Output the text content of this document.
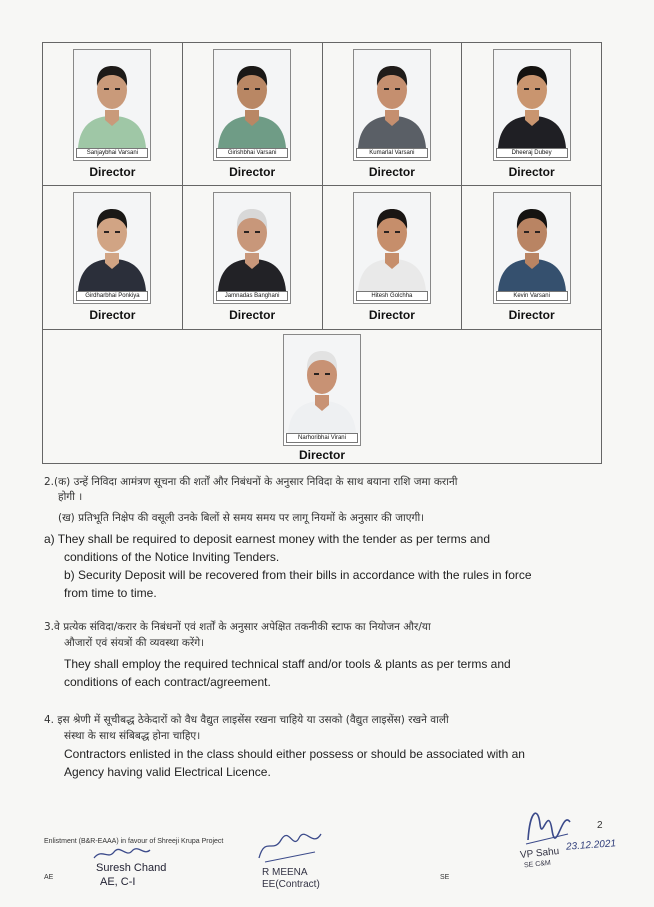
Sanjaybhai Varsani
Director
Girishbhai Varsani
Director
Kumarlal Varsani
Director
Dheeraj Dubey
Director
Girdharbhai Ponkiya
Director
Jamnadas Banghani
Director
Hitesh Golchha
Director
Kevin Varsani
Director
Narhoribhai Virani
Director
2.(क) उन्हें निविदा आमंत्रण सूचना की शर्तों और निबंधनों के अनुसार निविदा के साथ बयाना राशि जमा करानी
होगी ।
(ख) प्रतिभूति निक्षेप की वसूली उनके बिलों से समय समय पर लागू नियमों के अनुसार की जाएगी।
a) They shall be required to deposit earnest money with the tender as per terms and
conditions of the Notice Inviting Tenders.
b) Security Deposit will be recovered from their bills in accordance with the rules in force
from time to time.
3.वे प्रत्येक संविदा/करार के निबंधनों एवं शर्तों के अनुसार अपेक्षित तकनीकी स्टाफ का नियोजन और/या
औजारों एवं संयत्रों की व्यवस्था करेंगे।
They shall employ the required technical staff and/or tools & plants as per terms and
conditions of each contract/agreement.
4. इस श्रेणी में सूचीबद्ध ठेकेदारों को वैध वैद्युत लाइसेंस रखना चाहिये या उसको (वैद्युत लाइसेंस) रखने वाली
संस्था के साथ संबिबद्ध होना चाहिए।
Contractors enlisted in the class should either possess or should be associated with an
Agency having valid Electrical Licence.
Enlistment (B&R-EAAA) in favour of Shreeji Krupa Project
2
AE	SE
Suresh Chand
AE, C-I
R MEENA
EE(Contract)
VP Sahu
SE C&M
23.12.2021
